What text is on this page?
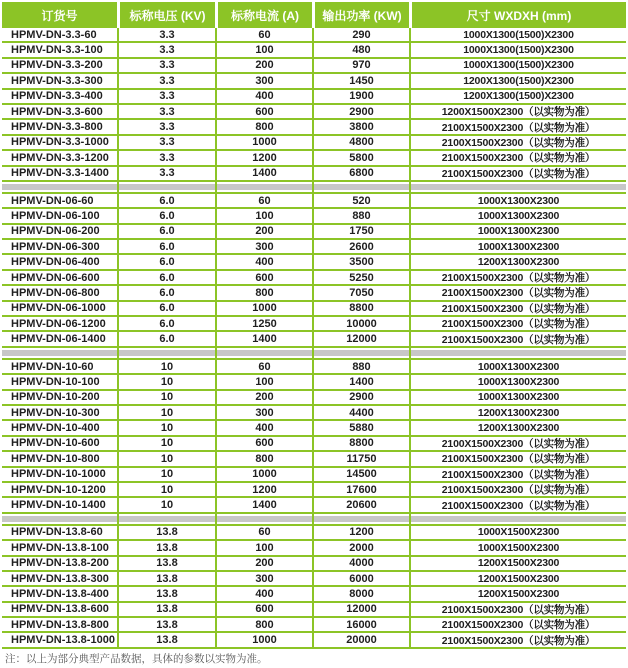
订货号	标称电压 (KV)	标称电流 (A)	输出功率 (KW)	尺寸 WXDXH (mm)
HPMV-DN-3.3-60	3.3	60	290	1000X1300(1500)X2300
HPMV-DN-3.3-100	3.3	100	480	1000X1300(1500)X2300
HPMV-DN-3.3-200	3.3	200	970	1000X1300(1500)X2300
HPMV-DN-3.3-300	3.3	300	1450	1200X1300(1500)X2300
HPMV-DN-3.3-400	3.3	400	1900	1200X1300(1500)X2300
HPMV-DN-3.3-600	3.3	600	2900	1200X1500X2300（以实物为准）
HPMV-DN-3.3-800	3.3	800	3800	2100X1500X2300（以实物为准）
HPMV-DN-3.3-1000	3.3	1000	4800	2100X1500X2300（以实物为准）
HPMV-DN-3.3-1200	3.3	1200	5800	2100X1500X2300（以实物为准）
HPMV-DN-3.3-1400	3.3	1400	6800	2100X1500X2300（以实物为准）
HPMV-DN-06-60	6.0	60	520	1000X1300X2300
HPMV-DN-06-100	6.0	100	880	1000X1300X2300
HPMV-DN-06-200	6.0	200	1750	1000X1300X2300
HPMV-DN-06-300	6.0	300	2600	1000X1300X2300
HPMV-DN-06-400	6.0	400	3500	1200X1300X2300
HPMV-DN-06-600	6.0	600	5250	2100X1500X2300（以实物为准）
HPMV-DN-06-800	6.0	800	7050	2100X1500X2300（以实物为准）
HPMV-DN-06-1000	6.0	1000	8800	2100X1500X2300（以实物为准）
HPMV-DN-06-1200	6.0	1250	10000	2100X1500X2300（以实物为准）
HPMV-DN-06-1400	6.0	1400	12000	2100X1500X2300（以实物为准）
HPMV-DN-10-60	10	60	880	1000X1300X2300
HPMV-DN-10-100	10	100	1400	1000X1300X2300
HPMV-DN-10-200	10	200	2900	1000X1300X2300
HPMV-DN-10-300	10	300	4400	1200X1300X2300
HPMV-DN-10-400	10	400	5880	1200X1300X2300
HPMV-DN-10-600	10	600	8800	2100X1500X2300（以实物为准）
HPMV-DN-10-800	10	800	11750	2100X1500X2300（以实物为准）
HPMV-DN-10-1000	10	1000	14500	2100X1500X2300（以实物为准）
HPMV-DN-10-1200	10	1200	17600	2100X1500X2300（以实物为准）
HPMV-DN-10-1400	10	1400	20600	2100X1500X2300（以实物为准）
HPMV-DN-13.8-60	13.8	60	1200	1000X1500X2300
HPMV-DN-13.8-100	13.8	100	2000	1000X1500X2300
HPMV-DN-13.8-200	13.8	200	4000	1200X1500X2300
HPMV-DN-13.8-300	13.8	300	6000	1200X1500X2300
HPMV-DN-13.8-400	13.8	400	8000	1200X1500X2300
HPMV-DN-13.8-600	13.8	600	12000	2100X1500X2300（以实物为准）
HPMV-DN-13.8-800	13.8	800	16000	2100X1500X2300（以实物为准）
HPMV-DN-13.8-1000	13.8	1000	20000	2100X1500X2300（以实物为准）
注：以上为部分典型产品数据，具体的参数以实物为准。
